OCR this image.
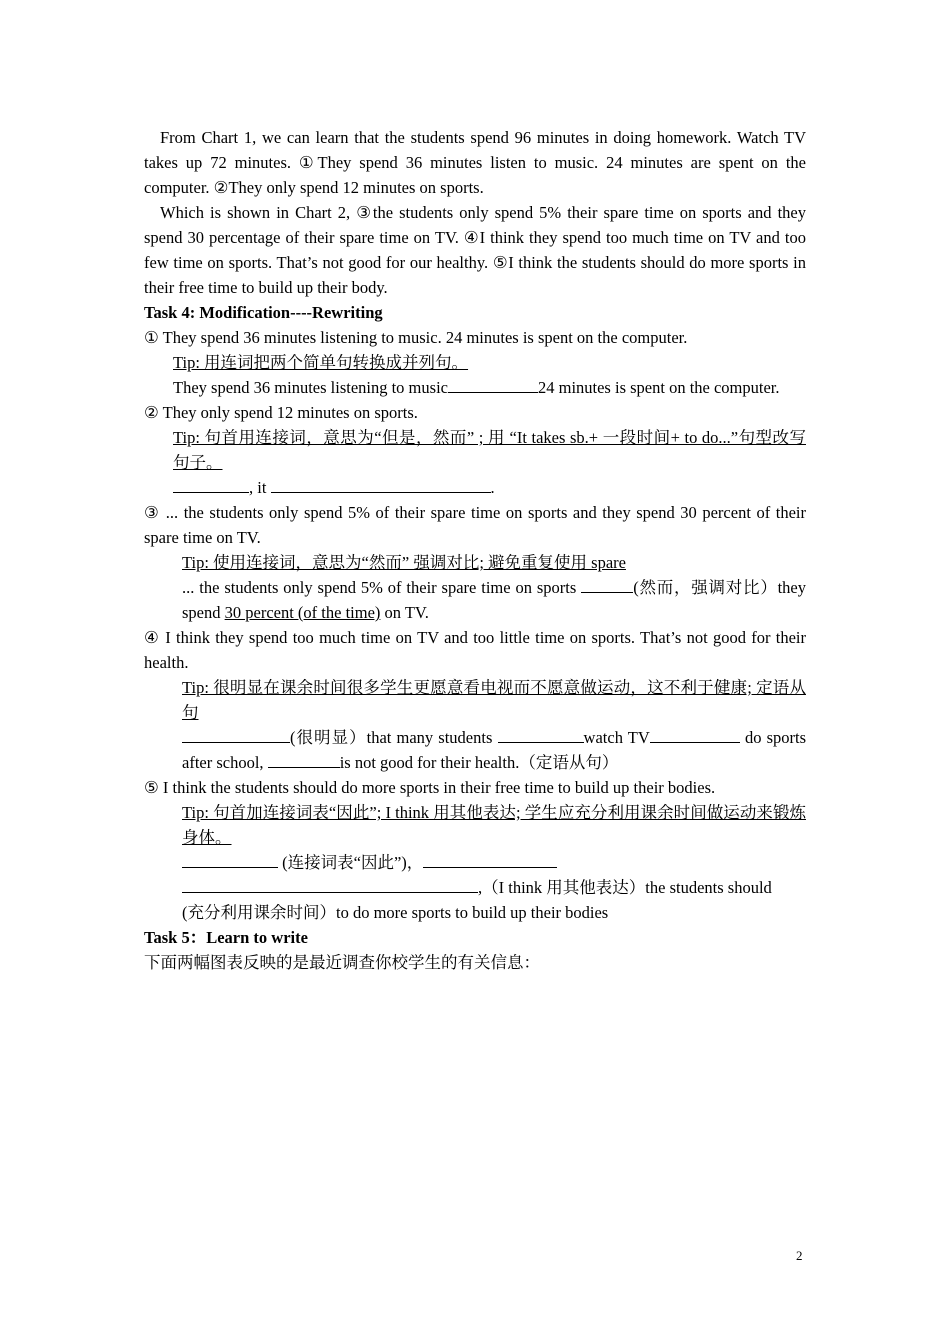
From Chart 1, we can learn that the students spend 96 minutes in doing homework. Watch TV takes up 72 minutes. ①They spend 36 minutes listen to music. 24 minutes are spent on the computer. ②They only spend 12 minutes on sports.

Which is shown in Chart 2, ③the students only spend 5% their spare time on sports and they spend 30 percentage of their spare time on TV. ④I think they spend too much time on TV and too few time on sports. That’s not good for our healthy. ⑤I think the students should do more sports in their free time to build up their body.

Task 4: Modification----Rewriting

① They spend 36 minutes listening to music. 24 minutes is spent on the computer.

Tip: 用连词把两个简单句转换成并列句。

They spend 36 minutes listening to music	24 minutes is spent on the computer.

② They only spend 12 minutes on sports.

Tip: 句首用连接词，意思为“但是，然而” ; 用 “It takes sb.+ 一段时间+ to do...”句型改写句子。

, it	.

③ ... the students only spend 5% of their spare time on sports and they spend 30 percent of their spare time on TV.

Tip: 使用连接词，意思为“然而” 强调对比; 避免重复使用 spare

... the students only spend 5% of their spare time on sports	(然而，强调对比）they spend 30 percent (of the time) on TV.

④ I think they spend too much time on TV and too little time on sports. That’s not good for their health.

Tip: 很明显在课余时间很多学生更愿意看电视而不愿意做运动，这不利于健康; 定语从句

(很明显）that many students	watch TV	do sports after school,	is not good for their health.（定语从句）

⑤ I think the students should do more sports in their free time to build up their bodies.

Tip: 句首加连接词表“因此”; I think 用其他表达; 学生应充分利用课余时间做运动来锻炼身体。

(连接词表“因此”)，

,（I think 用其他表达）the students should

(充分利用课余时间）to do more sports to build up their bodies

Task 5：Learn to write

下面两幅图表反映的是最近调查你校学生的有关信息：

2
